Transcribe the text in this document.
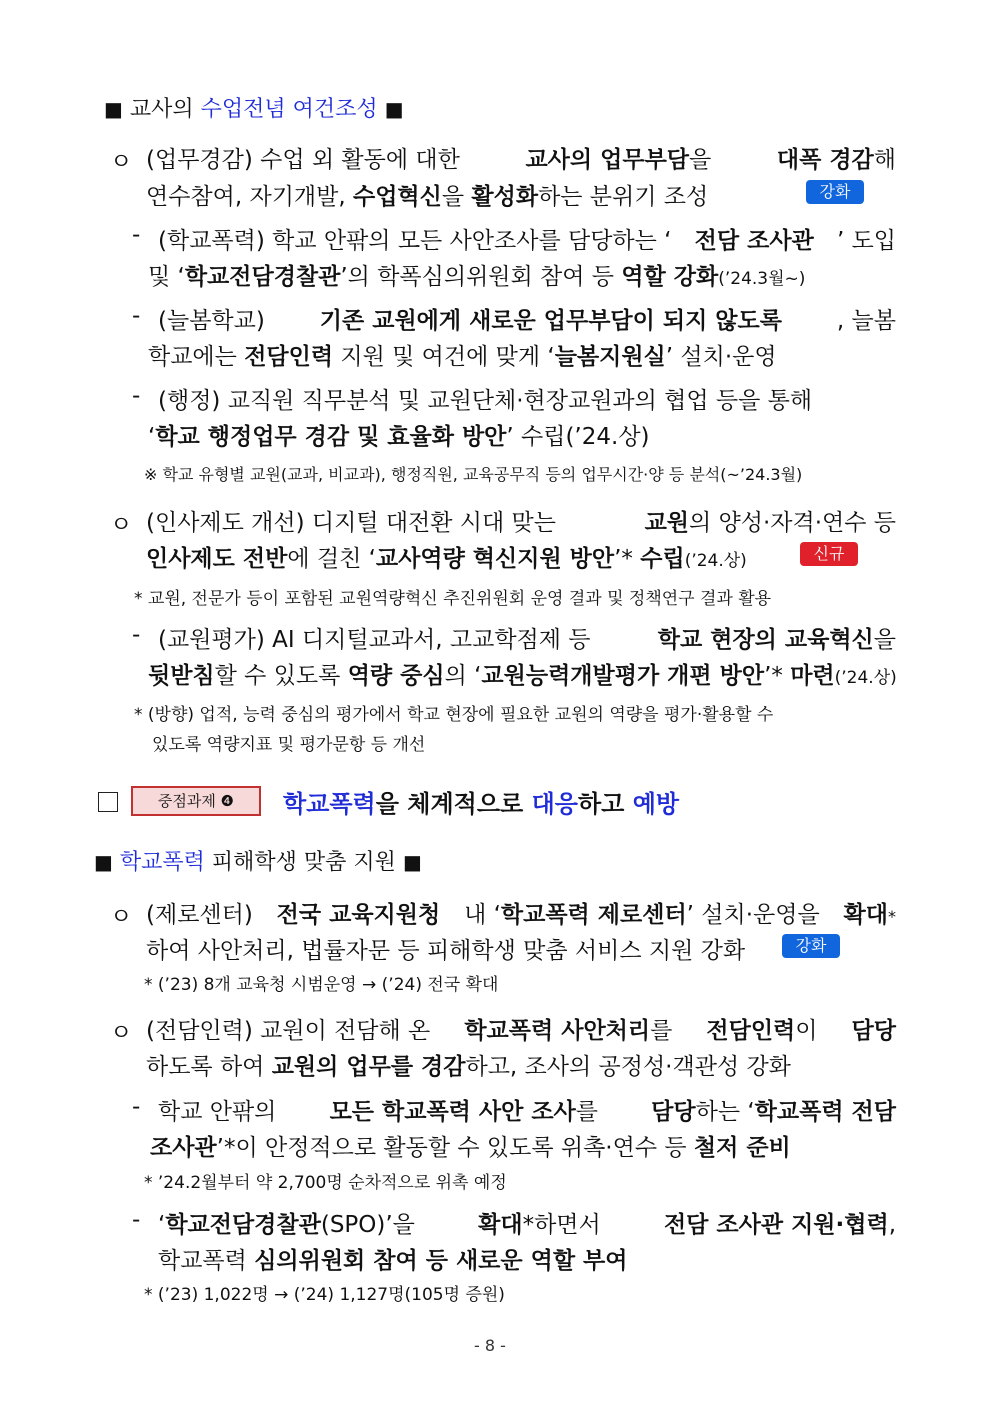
■ 교사의 수업전념 여건조성 ■
ㅇ (업무경감) 수업 외 활동에 대한	교사의 업무부담을	대폭 경감해
연수참여, 자기개발, 수업혁신을 활성화하는 분위기 조성	강화
- (학교폭력) 학교 안팎의 모든 사안조사를 담당하는 ‘ 전담 조사관 ’ 도입
및 ‘학교전담경찰관’의 학폭심의위원회 참여 등 역할 강화(’24.3월~)
- (늘봄학교) 기존 교원에게 새로운 업무부담이 되지 않도록 , 늘봄
학교에는 전담인력 지원 및 여건에 맞게 ‘늘봄지원실’ 설치·운영
- (행정) 교직원 직무분석 및 교원단체·현장교원과의 협업 등을 통해
‘학교 행정업무 경감 및 효율화 방안’ 수립(’24.상)
※ 학교 유형별 교원(교과, 비교과), 행정직원, 교육공무직 등의 업무시간·양 등 분석(~’24.3월)
ㅇ (인사제도 개선) 디지털 대전환 시대 맞는	교원의 양성·자격·연수 등
인사제도 전반에 걸친 ‘교사역량 혁신지원 방안’* 수립(’24.상)	신규
* 교원, 전문가 등이 포함된 교원역량혁신 추진위원회 운영 결과 및 정책연구 결과 활용
- (교원평가) AI 디지털교과서, 고교학점제 등	학교 현장의 교육혁신을
뒷받침할 수 있도록 역량 중심의 ‘교원능력개발평가 개편 방안’* 마련(’24.상)
* (방향) 업적, 능력 중심의 평가에서 학교 현장에 필요한 교원의 역량을 평가·활용할 수
있도록 역량지표 및 평가문항 등 개선
중점과제 ❹	학교폭력을 체계적으로 대응하고 예방
■ 학교폭력 피해학생 맞춤 지원 ■
ㅇ (제로센터) 전국 교육지원청 내 ‘학교폭력 제로센터’ 설치·운영을 확대*
하여 사안처리, 법률자문 등 피해학생 맞춤 서비스 지원 강화	강화
* (’23) 8개 교육청 시범운영 → (’24) 전국 확대
ㅇ (전담인력) 교원이 전담해 온 학교폭력 사안처리를 전담인력이 담당
하도록 하여 교원의 업무를 경감하고, 조사의 공정성·객관성 강화
- 학교 안팎의 모든 학교폭력 사안 조사를 담당하는 ‘학교폭력 전담
조사관’*이 안정적으로 활동할 수 있도록 위촉·연수 등 철저 준비
* ’24.2월부터 약 2,700명 순차적으로 위촉 예정
- ‘학교전담경찰관(SPO)’을	확대*하면서	전담 조사관 지원·협력,
학교폭력 심의위원회 참여 등 새로운 역할 부여
* (’23) 1,022명 → (’24) 1,127명(105명 증원)
- 8 -
